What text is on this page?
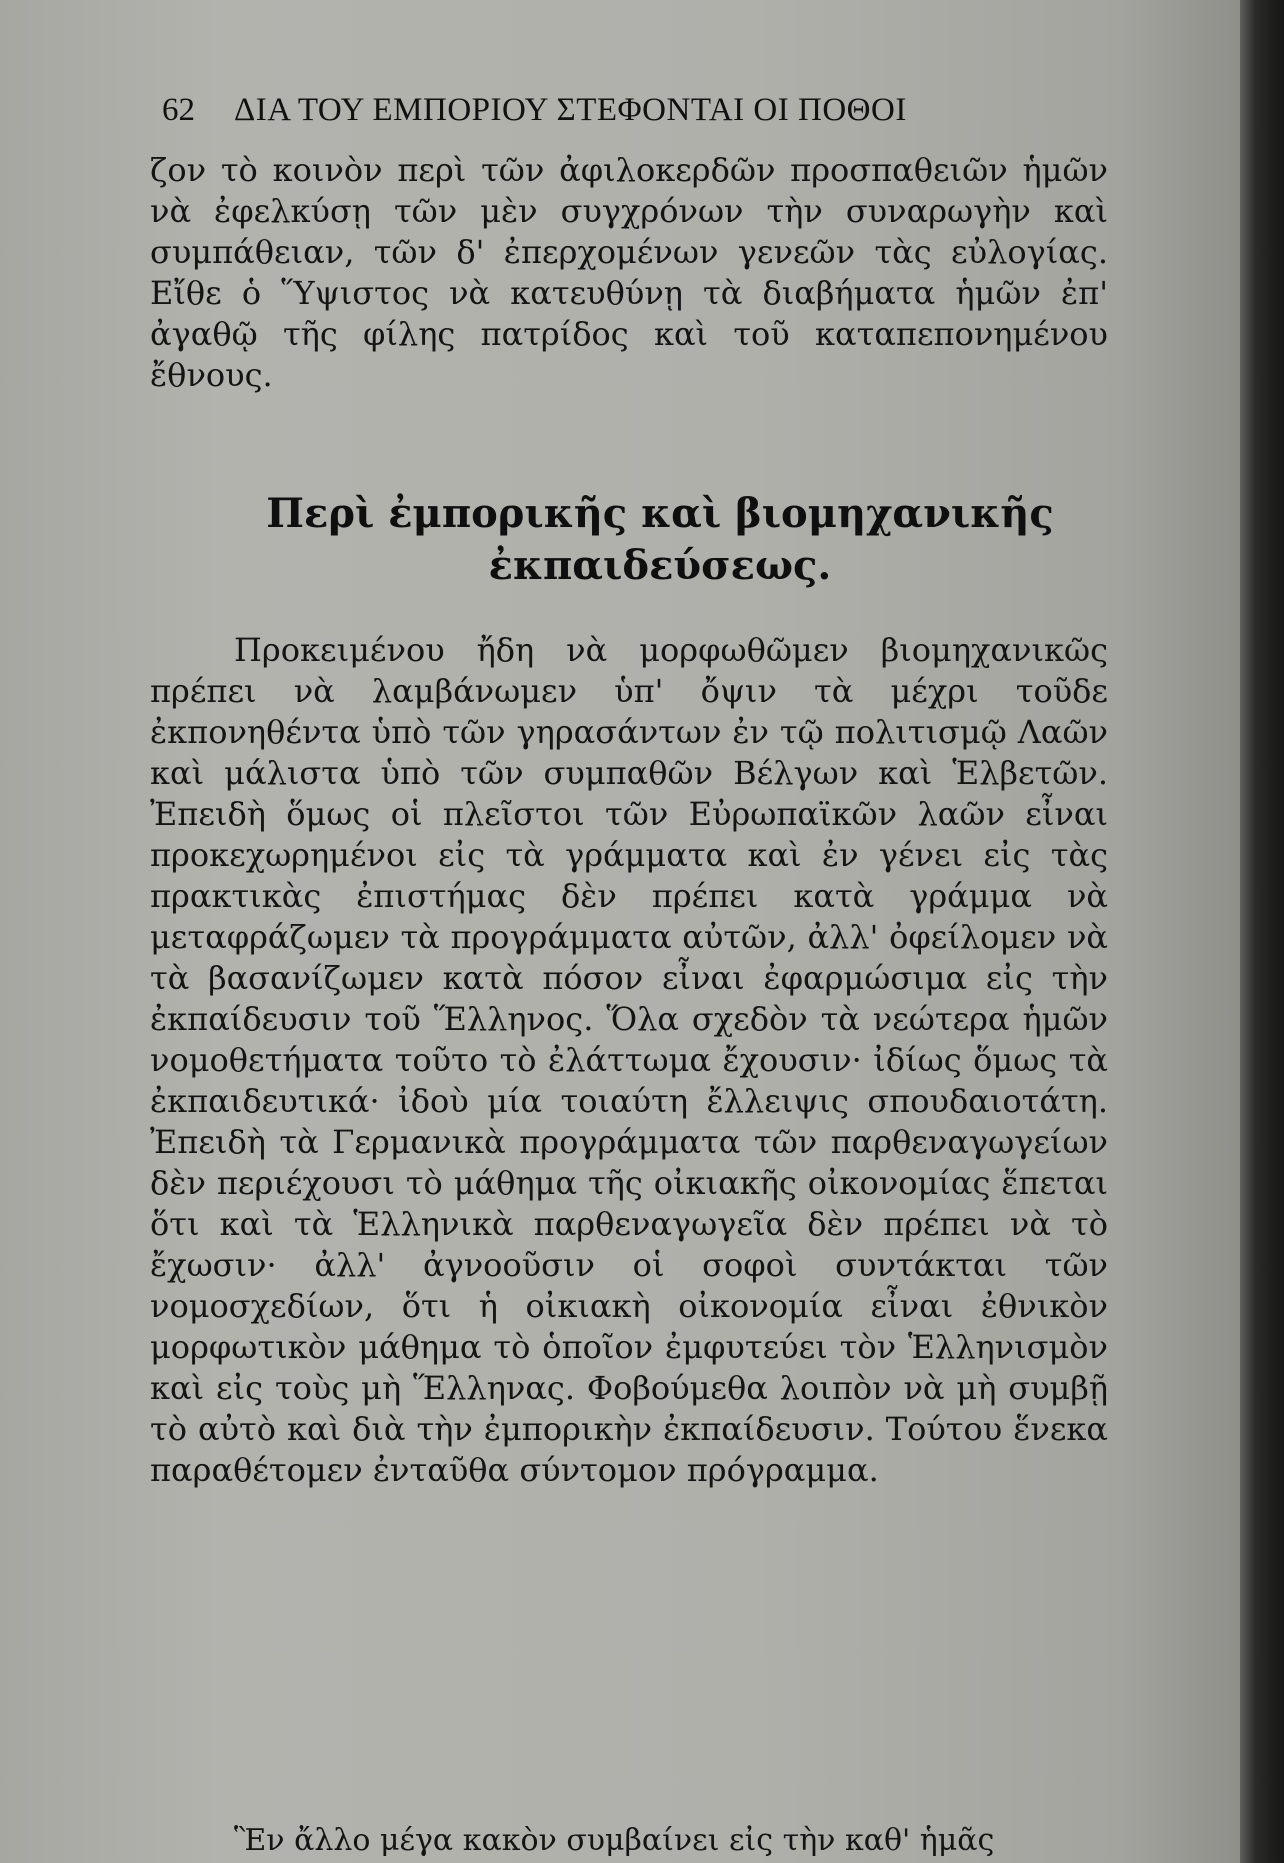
62 ΔΙΑ ΤΟΥ ΕΜΠΟΡΙΟΥ ΣΤΕΦΟΝΤΑΙ ΟΙ ΠΟΘΟΙ
ζον τὸ κοινὸν περὶ τῶν ἀφιλοκερδῶν προσπαθειῶν ἡμῶν νὰ ἐφελκύσῃ τῶν μὲν συγχρόνων τὴν συναρωγὴν καὶ συμπάθειαν, τῶν δ' ἐπερχομένων γενεῶν τὰς εὐλογίας. Εἴθε ὁ Ὕψιστος νὰ κατευθύνῃ τὰ διαβήματα ἡμῶν ἐπ' ἀγαθῷ τῆς φίλης πατρίδος καὶ τοῦ καταπεπονημένου ἔθνους.
Περὶ ἐμπορικῆς καὶ βιομηχανικῆς ἐκπαιδεύσεως.
Προκειμένου ἤδη νὰ μορφωθῶμεν βιομηχανικῶς πρέπει νὰ λαμβάνωμεν ὑπ' ὄψιν τὰ μέχρι τοῦδε ἐκπονηθέντα ὑπὸ τῶν γηρασάντων ἐν τῷ πολιτισμῷ Λαῶν καὶ μάλιστα ὑπὸ τῶν συμπαθῶν Βέλγων καὶ Ἑλβετῶν. Ἐπειδὴ ὅμως οἱ πλεῖστοι τῶν Εὐρωπαϊκῶν λαῶν εἶναι προκεχωρημένοι εἰς τὰ γράμματα καὶ ἐν γένει εἰς τὰς πρακτικὰς ἐπιστήμας δὲν πρέπει κατὰ γράμμα νὰ μεταφράζωμεν τὰ προγράμματα αὐτῶν, ἀλλ' ὀφείλομεν νὰ τὰ βασανίζωμεν κατὰ πόσον εἶναι ἐφαρμώσιμα εἰς τὴν ἐκπαίδευσιν τοῦ Ἕλληνος. Ὅλα σχεδὸν τὰ νεώτερα ἡμῶν νομοθετήματα τοῦτο τὸ ἐλάττωμα ἔχουσιν· ἰδίως ὅμως τὰ ἐκπαιδευτικά· ἰδοὺ μία τοιαύτη ἔλλειψις σπουδαιοτάτη. Ἐπειδὴ τὰ Γερμανικὰ προγράμματα τῶν παρθεναγωγείων δὲν περιέχουσι τὸ μάθημα τῆς οἰκιακῆς οἰκονομίας ἕπεται ὅτι καὶ τὰ Ἑλληνικὰ παρθεναγωγεῖα δὲν πρέπει νὰ τὸ ἔχωσιν· ἀλλ' ἀγνοοῦσιν οἱ σοφοὶ συντάκται τῶν νομοσχεδίων, ὅτι ἡ οἰκιακὴ οἰκονομία εἶναι ἐθνικὸν μορφωτικὸν μάθημα τὸ ὁποῖον ἐμφυτεύει τὸν Ἑλληνισμὸν καὶ εἰς τοὺς μὴ Ἕλληνας. Φοβούμεθα λοιπὸν νὰ μὴ συμβῇ τὸ αὐτὸ καὶ διὰ τὴν ἐμπορικὴν ἐκπαίδευσιν. Τούτου ἕνεκα παραθέτομεν ἐνταῦθα σύντομον πρόγραμμα.
Ἓν ἄλλο μέγα κακὸν συμβαίνει εἰς τὴν καθ' ἡμᾶς
